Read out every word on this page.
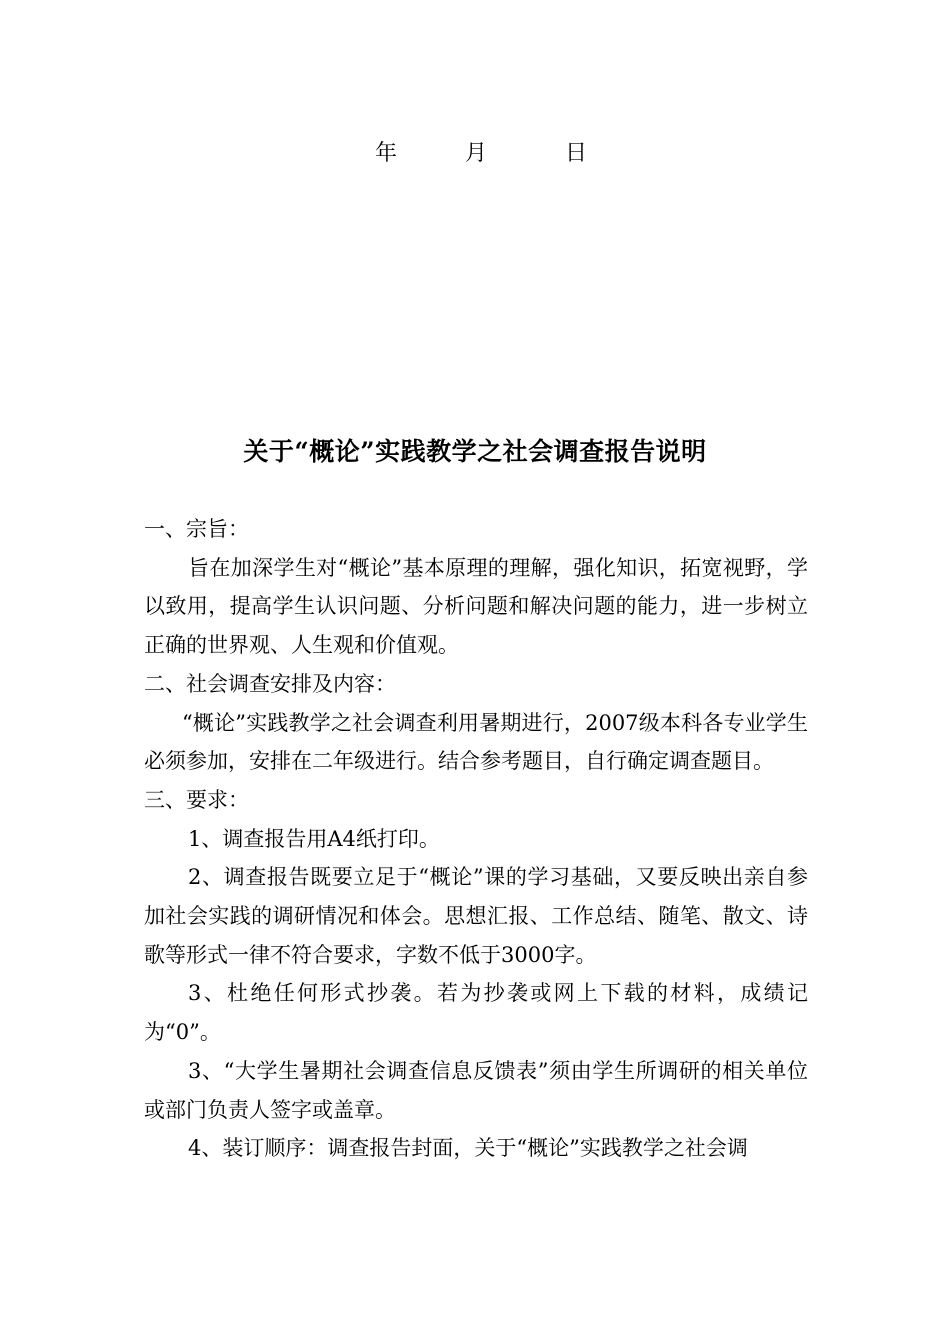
年	月	日
关于“概论”实践教学之社会调查报告说明

一、宗旨：

旨在加深学生对“概论”基本原理的理解，强化知识，拓宽视野，学以致用，提高学生认识问题、分析问题和解决问题的能力，进一步树立正确的世界观、人生观和价值观。

二、社会调查安排及内容：

“概论”实践教学之社会调查利用暑期进行，2007级本科各专业学生必须参加，安排在二年级进行。结合参考题目，自行确定调查题目。

三、要求：

1、调查报告用A4纸打印。

2、调查报告既要立足于“概论”课的学习基础，又要反映出亲自参加社会实践的调研情况和体会。思想汇报、工作总结、随笔、散文、诗歌等形式一律不符合要求，字数不低于3000字。

3、杜绝任何形式抄袭。若为抄袭或网上下载的材料，成绩记为“0”。

3、“大学生暑期社会调查信息反馈表”须由学生所调研的相关单位或部门负责人签字或盖章。

4、装订顺序：调查报告封面，关于“概论”实践教学之社会调
